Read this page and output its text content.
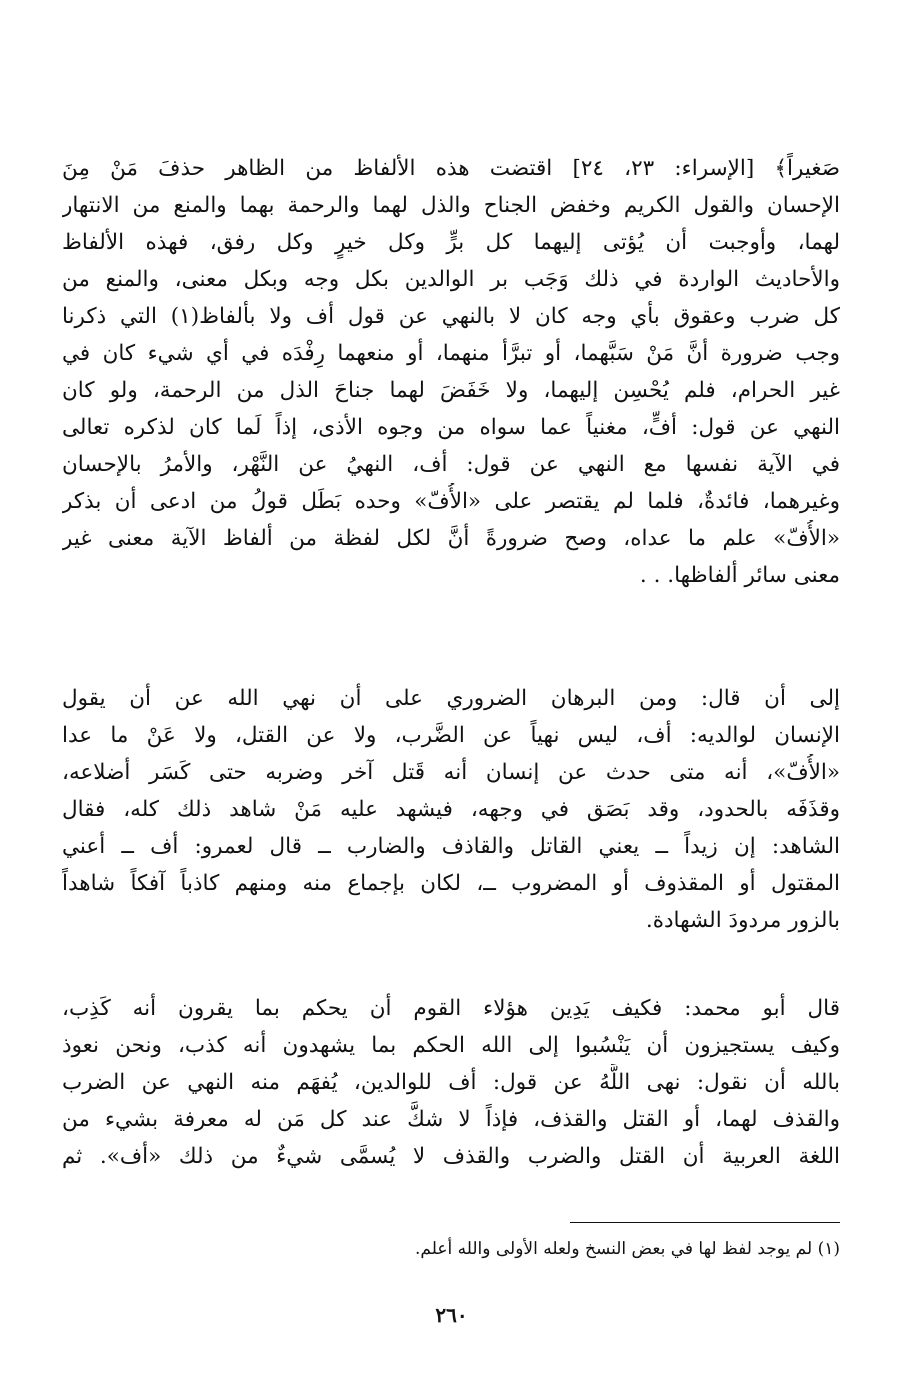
صَغيراً﴾ [الإسراء: ٢٣، ٢٤] اقتضت هذه الألفاظ من الظاهر حذفَ مَنْ مِنَ
الإحسان والقول الكريم وخفض الجناح والذل لهما والرحمة بهما والمنع من الانتهار
لهما، وأوجبت أن يُؤتى إليهما كل برٍّ وكل خيرٍ وكل رفق، فهذه الألفاظ
والأحاديث الواردة في ذلك وَجَب بر الوالدين بكل وجه وبكل معنى، والمنع من
كل ضرب وعقوق بأي وجه كان لا بالنهي عن قول أف ولا بألفاظ(١) التي ذكرنا
وجب ضرورة أنَّ مَنْ سَبَّهما، أو تبرَّأ منهما، أو منعهما رِفْدَه في أي شيء كان في
غير الحرام، فلم يُحْسِن إليهما، ولا خَفَضَ لهما جناحَ الذل من الرحمة، ولو كان
النهي عن قول: أفٍّ، مغنياً عما سواه من وجوه الأذى، إذاً لَما كان لذكره تعالى
في الآية نفسها مع النهي عن قول: أف، النهيُ عن النَّهْر، والأمرُ بالإحسان
وغيرهما، فائدةٌ، فلما لم يقتصر على «الأُفّ» وحده بَطَل قولُ من ادعى أن بذكر
«الأُفّ» علم ما عداه، وصح ضرورةً أنَّ لكل لفظة من ألفاظ الآية معنى غير
معنى سائر ألفاظها. . .
إلى أن قال: ومن البرهان الضروري على أن نهي الله عن أن يقول
الإنسان لوالديه: أف، ليس نهياً عن الضَّرب، ولا عن القتل، ولا عَنْ ما عدا
«الأُفّ»، أنه متى حدث عن إنسان أنه قَتل آخر وضربه حتى كَسَر أضلاعه،
وقذَفَه بالحدود، وقد بَصَق في وجهه، فيشهد عليه مَنْ شاهد ذلك كله، فقال
الشاهد: إن زيداً ــ يعني القاتل والقاذف والضارب ــ قال لعمرو: أف ــ أعني
المقتول أو المقذوف أو المضروب ــ، لكان بإجماع منه ومنهم كاذباً آفكاً شاهداً
بالزور مردودَ الشهادة.
قال أبو محمد: فكيف يَدِين هؤلاء القوم أن يحكم بما يقرون أنه كَذِب،
وكيف يستجيزون أن يَنْسُبوا إلى الله الحكم بما يشهدون أنه كذب، ونحن نعوذ
بالله أن نقول: نهى اللَّهُ عن قول: أف للوالدين، يُفهَم منه النهي عن الضرب
والقذف لهما، أو القتل والقذف، فإذاً لا شكَّ عند كل مَن له معرفة بشيء من
اللغة العربية أن القتل والضرب والقذف لا يُسمَّى شيءٌ من ذلك «أف». ثم
(١) لم يوجد لفظ لها في بعض النسخ ولعله الأولى والله أعلم.
٢٦٠
